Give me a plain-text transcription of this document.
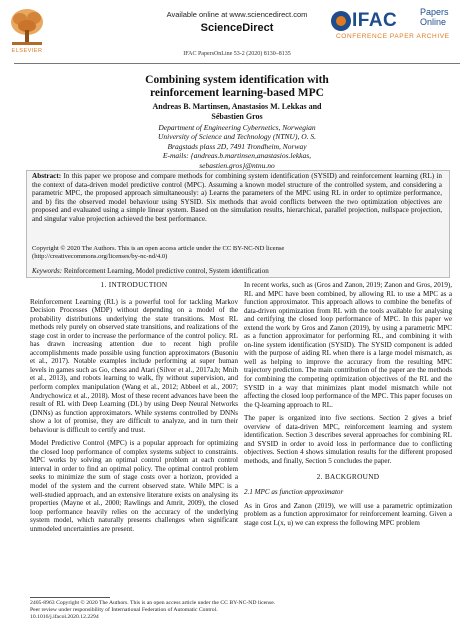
ELSEVIER
Available online at www.sciencedirect.com
ScienceDirect
IFAC PapersOnLine 53-2 (2020) 8130–8135
IFAC	Papers
Online
CONFERENCE PAPER ARCHIVE
Combining system identification with
reinforcement learning-based MPC
Andreas B. Martinsen, Anastasios M. Lekkas and
Sébastien Gros
Department of Engineering Cybernetics, Norwegian
University of Science and Technology (NTNU), O. S.
Bragstads plass 2D, 7491 Trondheim, Norway
E-mails: {andreas.b.martinsen,anastasios.lekkas,
sebastien.gros}@ntnu.no
Abstract: In this paper we propose and compare methods for combining system identification (SYSID) and reinforcement learning (RL) in the context of data-driven model predictive control (MPC). Assuming a known model structure of the controlled system, and considering a parametric MPC, the proposed approach simultaneously: a) Learns the parameters of the MPC using RL in order to optimize performance, and b) fits the observed model behaviour using SYSID. Six methods that avoid conflicts between the two optimization objectives are proposed and evaluated using a simple linear system. Based on the simulation results, hierarchical, parallel projection, nullspace projection, and singular value projection achieved the best performance.
Copyright © 2020 The Authors. This is an open access article under the CC BY-NC-ND license
(http://creativecommons.org/licenses/by-nc-nd/4.0)
Keywords: Reinforcement Learning, Model predictive control, System identification
1. INTRODUCTION

Reinforcement Learning (RL) is a powerful tool for tackling Markov Decision Processes (MDP) without depending on a model of the probability distributions underlying the state transitions. Most RL methods rely purely on observed state transitions, and realizations of the stage cost in order to increase the performance of the control policy. RL has drawn increasing attention due to recent high profile accomplishments made possible using function approximators (Busoniu et al., 2017). Notable examples include performing at super human levels in games such as Go, chess and Atari (Silver et al., 2017a,b; Mnih et al., 2013), and robots learning to walk, fly without supervision, and perform complex manipulation (Wang et al., 2012; Abbeel et al., 2007; Andrychowicz et al., 2018). Most of these recent advances have been the result of RL with Deep Learning (DL) by using Deep Neural Networks (DNNs) as function approximators. While systems controlled by DNNs show a lot of promise, they are difficult to analyze, and in turn their behaviour is difficult to certify and trust.

Model Predictive Control (MPC) is a popular approach for optimizing the closed loop performance of complex systems subject to constraints. MPC works by solving an optimal control problem at each control interval in order to find an optimal policy. The optimal control problem seeks to minimize the sum of stage costs over a horizon, provided a model of the system and the current observed state. While MPC is a well-studied approach, and an extensive literature exists on analysing its properties (Mayne et al., 2000; Rawlings and Amrit, 2009), the closed loop performance heavily relies on the accuracy of the underlying system model, which naturally presents challenges when significant unmodeled uncertainties are present.

In recent works, such as (Gros and Zanon, 2019; Zanon and Gros, 2019), RL and MPC have been combined, by allowing RL to use a MPC as a function approximator. This approach allows to combine the benefits of data-driven optimization from RL with the tools available for analysing and certifying the closed loop performance of MPC. In this paper we extend the work by Gros and Zanon (2019), by using a parametric MPC as a function approximator for performing RL, and combining it with on-line system identification (SYSID). The SYSID component is added with the purpose of aiding RL when there is a large model mismatch, as well as helping to improve the accuracy from the resulting MPC trajectory prediction. The main contribution of the paper are the methods for combining the competing optimization objectives of the RL and the SYSID in a way that minimizes plant model mismatch while not affecting the closed loop performance of the MPC. This paper focuses on the Q-learning approach to RL.

The paper is organized into five sections. Section 2 gives a brief overview of data-driven MPC, reinforcement learning and system identification. Section 3 describes several approaches for combining RL and SYSID in order to avoid loss in performance due to conflicting objectives. Section 4 shows simulation results for the different proposed methods, and finally, Section 5 concludes the paper.

2. BACKGROUND
2.1 MPC as function approximator

As in Gros and Zanon (2019), we will use a parametric optimization problem as a function approximator for reinforcement learning. Given a stage cost L(x, u) we can express the following MPC problem

2405-8963 Copyright © 2020 The Authors. This is an open access article under the CC BY-NC-ND license.
Peer review under responsibility of International Federation of Automatic Control.
10.1016/j.ifacol.2020.12.2294
